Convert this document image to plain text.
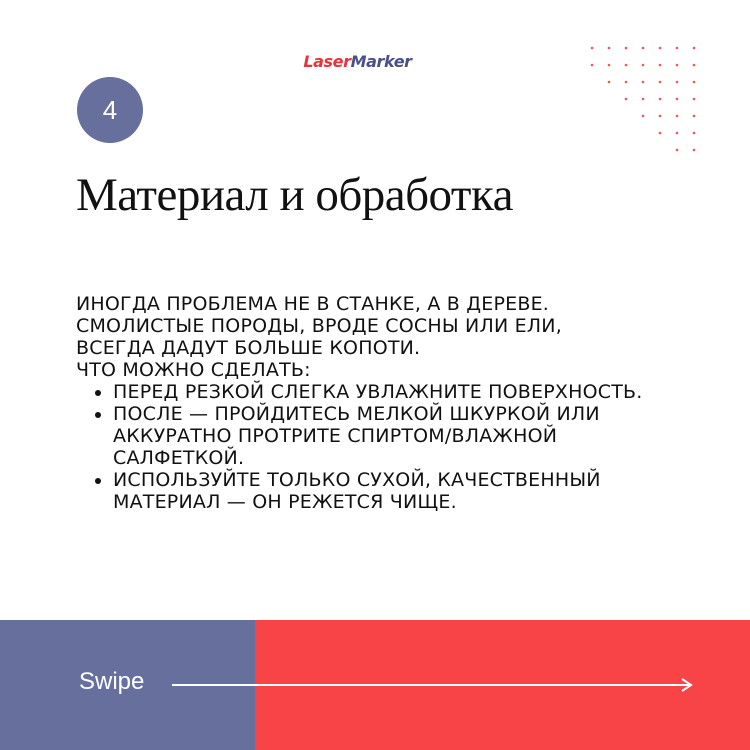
LaserMarker
4
Материал и обработка

ИНОГДА ПРОБЛЕМА НЕ В СТАНКЕ, А В ДЕРЕВЕ.

СМОЛИСТЫЕ ПОРОДЫ, ВРОДЕ СОСНЫ ИЛИ ЕЛИ,

ВСЕГДА ДАДУТ БОЛЬШЕ КОПОТИ.

ЧТО МОЖНО СДЕЛАТЬ:

• ПЕРЕД РЕЗКОЙ СЛЕГКА УВЛАЖНИТЕ ПОВЕРХНОСТЬ.
• ПОСЛЕ — ПРОЙДИТЕСЬ МЕЛКОЙ ШКУРКОЙ ИЛИ АККУРАТНО ПРОТРИТЕ СПИРТОМ/ВЛАЖНОЙ САЛФЕТКОЙ.
• ИСПОЛЬЗУЙТЕ ТОЛЬКО СУХОЙ, КАЧЕСТВЕННЫЙ МАТЕРИАЛ — ОН РЕЖЕТСЯ ЧИЩЕ.
Swipe
